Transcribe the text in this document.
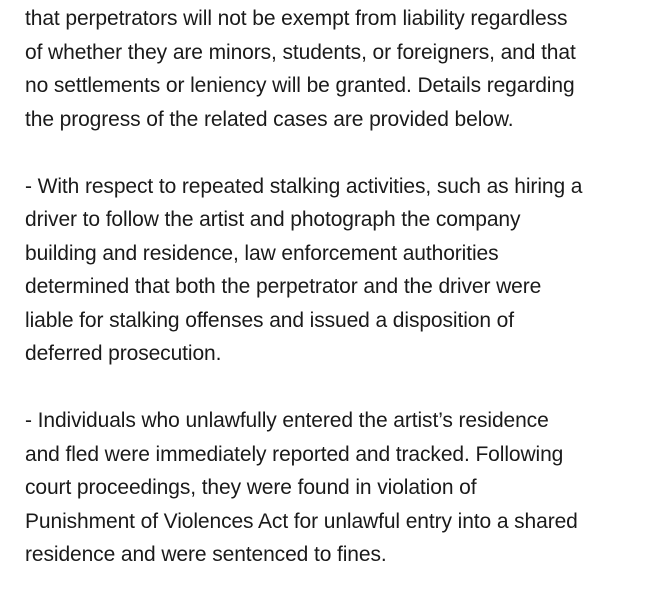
that perpetrators will not be exempt from liability regardless
of whether they are minors, students, or foreigners, and that
no settlements or leniency will be granted. Details regarding
the progress of the related cases are provided below.

- With respect to repeated stalking activities, such as hiring a
driver to follow the artist and photograph the company
building and residence, law enforcement authorities
determined that both the perpetrator and the driver were
liable for stalking offenses and issued a disposition of
deferred prosecution.

- Individuals who unlawfully entered the artist’s residence
and fled were immediately reported and tracked. Following
court proceedings, they were found in violation of
Punishment of Violences Act for unlawful entry into a shared
residence and were sentenced to fines.
